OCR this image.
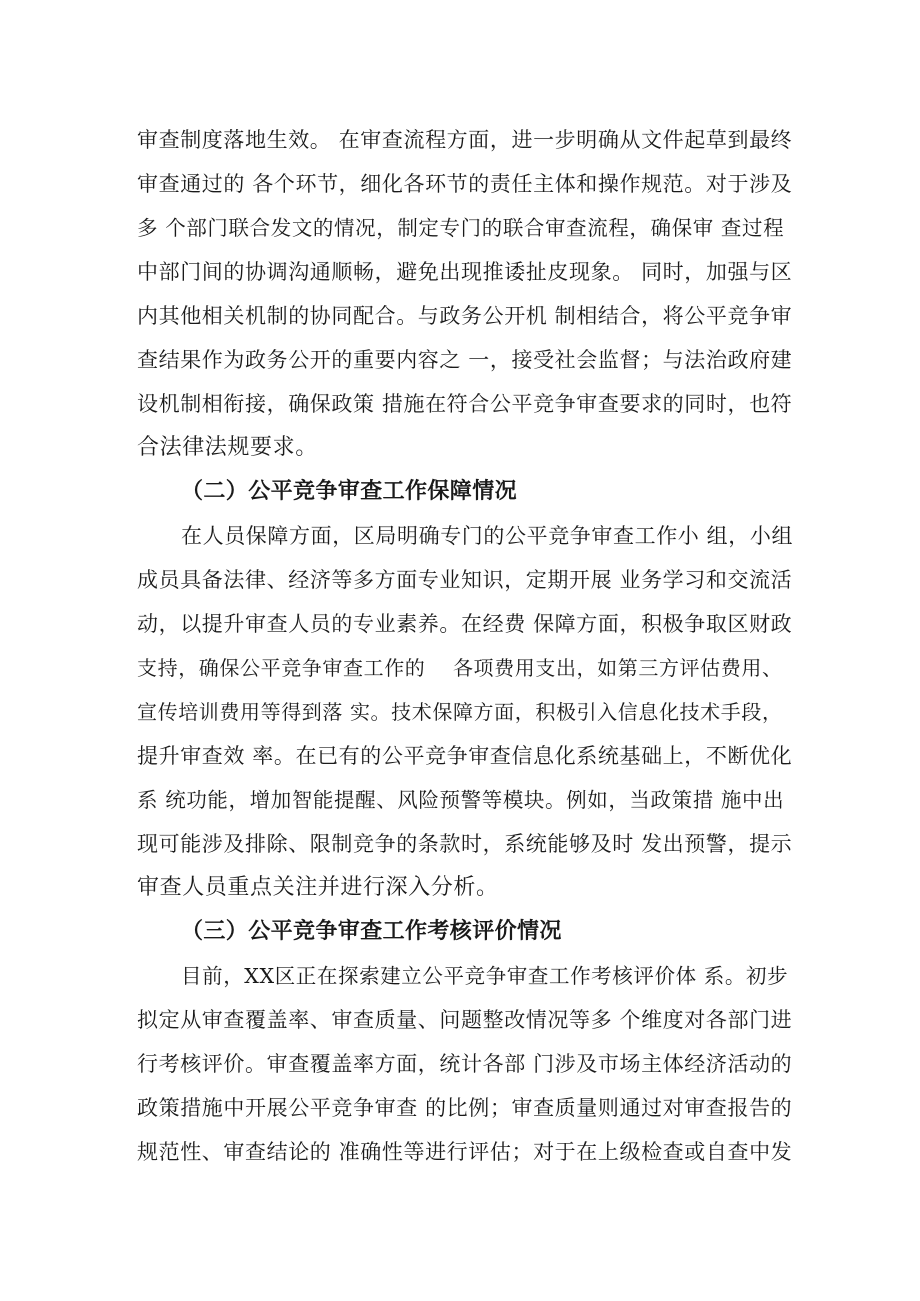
审查制度落地生效。 在审查流程方面，进一步明确从文件起草到最终
审查通过的 各个环节，细化各环节的责任主体和操作规范。对于涉及
多 个部门联合发文的情况，制定专门的联合审查流程，确保审 查过程
中部门间的协调沟通顺畅，避免出现推诿扯皮现象。 同时，加强与区
内其他相关机制的协同配合。与政务公开机 制相结合，将公平竞争审
查结果作为政务公开的重要内容之 一，接受社会监督；与法治政府建
设机制相衔接，确保政策 措施在符合公平竞争审查要求的同时，也符
合法律法规要求。
（二）公平竞争审查工作保障情况
在人员保障方面，区局明确专门的公平竞争审查工作小 组，小组
成员具备法律、经济等多方面专业知识，定期开展 业务学习和交流活
动，以提升审查人员的专业素养。在经费 保障方面，积极争取区财政
支持，确保公平竞争审查工作的　 各项费用支出，如第三方评估费用、
宣传培训费用等得到落 实。技术保障方面，积极引入信息化技术手段，
提升审查效 率。在已有的公平竞争审查信息化系统基础上，不断优化
系 统功能，增加智能提醒、风险预警等模块。例如，当政策措 施中出
现可能涉及排除、限制竞争的条款时，系统能够及时 发出预警，提示
审查人员重点关注并进行深入分析。
（三）公平竞争审查工作考核评价情况
目前，XX区正在探索建立公平竞争审查工作考核评价体 系。初步
拟定从审查覆盖率、审查质量、问题整改情况等多 个维度对各部门进
行考核评价。审查覆盖率方面，统计各部 门涉及市场主体经济活动的
政策措施中开展公平竞争审查 的比例；审查质量则通过对审查报告的
规范性、审查结论的 准确性等进行评估；对于在上级检查或自查中发
